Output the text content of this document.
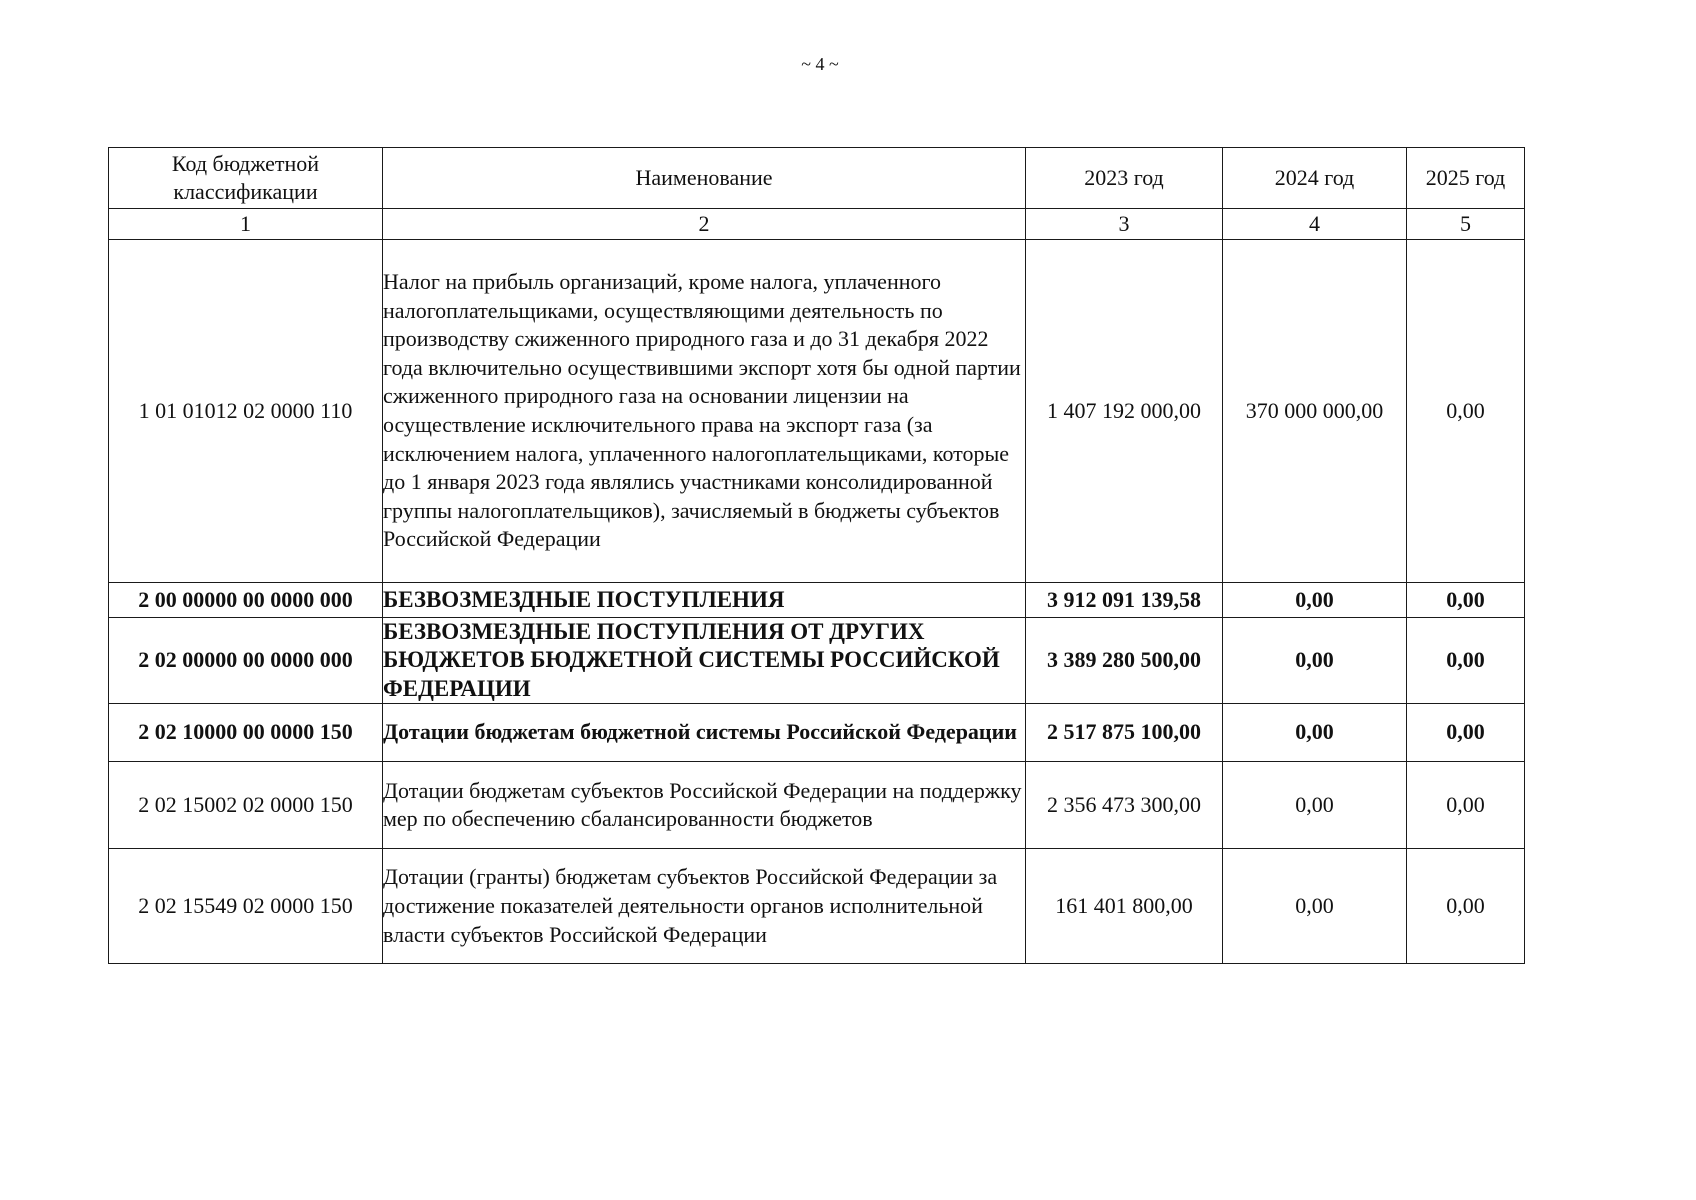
~ 4 ~
Код бюджетной классификации	Наименование	2023 год	2024 год	2025 год
1	2	3	4	5
1 01 01012 02 0000 110	Налог на прибыль организаций, кроме налога, уплаченного налогоплательщиками, осуществляющими деятельность по производству сжиженного природного газа и до 31 декабря 2022 года включительно осуществившими экспорт хотя бы одной партии сжиженного природного газа на основании лицензии на осуществление исключительного права на экспорт газа (за исключением налога, уплаченного налогоплательщиками, которые до 1 января 2023 года являлись участниками консолидированной группы налогоплательщиков), зачисляемый в бюджеты субъектов Российской Федерации	1 407 192 000,00	370 000 000,00	0,00
2 00 00000 00 0000 000	БЕЗВОЗМЕЗДНЫЕ ПОСТУПЛЕНИЯ	3 912 091 139,58	0,00	0,00
2 02 00000 00 0000 000	БЕЗВОЗМЕЗДНЫЕ ПОСТУПЛЕНИЯ ОТ ДРУГИХ БЮДЖЕТОВ БЮДЖЕТНОЙ СИСТЕМЫ РОССИЙСКОЙ ФЕДЕРАЦИИ	3 389 280 500,00	0,00	0,00
2 02 10000 00 0000 150	Дотации бюджетам бюджетной системы Российской Федерации	2 517 875 100,00	0,00	0,00
2 02 15002 02 0000 150	Дотации бюджетам субъектов Российской Федерации на поддержку мер по обеспечению сбалансированности бюджетов	2 356 473 300,00	0,00	0,00
2 02 15549 02 0000 150	Дотации (гранты) бюджетам субъектов Российской Федерации за достижение показателей деятельности органов исполнительной власти субъектов Российской Федерации	161 401 800,00	0,00	0,00
